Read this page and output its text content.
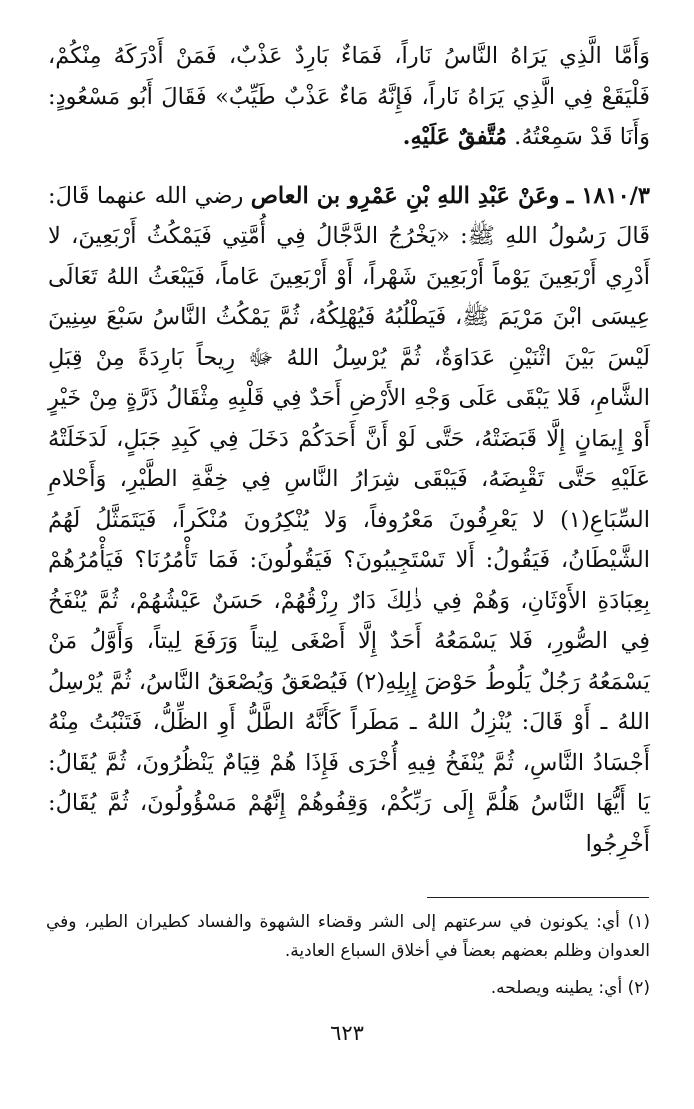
وَأَمَّا الَّذِي يَرَاهُ النَّاسُ نَاراً، فَمَاءٌ بَارِدٌ عَذْبٌ، فَمَنْ أَدْرَكَهُ مِنْكُمْ، فَلْيَقَعْ فِي الَّذِي يَرَاهُ نَاراً، فَإِنَّهُ مَاءٌ عَذْبٌ طَيِّبٌ» فَقَالَ أَبُو مَسْعُودٍ: وَأَنَا قَدْ سَمِعْتُهُ. مُتَّفقٌ عَلَيْهِ.

١٨١٠/٣ ـ وعَنْ عَبْدِ اللهِ بْنِ عَمْرِو بن العاص رضي الله عنهما قَالَ: قَالَ رَسُولُ اللهِ ﷺ: «يَخْرُجُ الدَّجَّالُ فِي أُمَّتِي فَيَمْكُثُ أَرْبَعِينَ، لا أَدْرِي أَرْبَعِينَ يَوْماً أَرْبَعِينَ شَهْراً، أَوْ أَرْبَعِينَ عَاماً، فَيَبْعَثُ اللهُ تَعَالَى عِيسَى ابْنَ مَرْيَمَ ﷺ، فَيَطْلُبُهُ فَيُهْلِكُهُ، ثُمَّ يَمْكُثُ النَّاسُ سَبْعَ سِنِينَ لَيْسَ بَيْنَ اثْنَيْنِ عَدَاوَةٌ، ثُمَّ يُرْسِلُ اللهُ ﷻ رِيحاً بَارِدَةً مِنْ قِبَلِ الشَّامِ، فَلا يَبْقَى عَلَى وَجْهِ الأَرْضِ أَحَدٌ فِي قَلْبِهِ مِثْقَالُ ذَرَّةٍ مِنْ خَيْرٍ أَوْ إِيمَانٍ إِلَّا قَبَضَتْهُ، حَتَّى لَوْ أَنَّ أَحَدَكُمْ دَخَلَ فِي كَبِدِ جَبَلٍ، لَدَخَلَتْهُ عَلَيْهِ حَتَّى تَقْبِضَهُ، فَيَبْقَى شِرَارُ النَّاسِ فِي خِفَّةِ الطَّيْرِ، وَأَحْلامِ السِّبَاعِ(١) لا يَعْرِفُونَ مَعْرُوفاً، وَلا يُنْكِرُونَ مُنْكَراً، فَيَتَمَثَّلُ لَهُمُ الشَّيْطَانُ، فَيَقُولُ: أَلا تَسْتَجِيبُونَ؟ فَيَقُولُونَ: فَمَا تَأْمُرُنَا؟ فَيَأْمُرُهُمْ بِعِبَادَةِ الأَوْثَانِ، وَهُمْ فِي ذٰلِكَ دَارٌ رِزْقُهُمْ، حَسَنٌ عَيْشُهُمْ، ثُمَّ يُنْفَخُ فِي الصُّورِ، فَلا يَسْمَعُهُ أَحَدٌ إِلَّا أَصْغَى لِيتاً وَرَفَعَ لِيتاً، وَأَوَّلُ مَنْ يَسْمَعُهُ رَجُلٌ يَلُوطُ حَوْضَ إِبِلِهِ(٢) فَيُصْعَقُ وَيُصْعَقُ النَّاسُ، ثُمَّ يُرْسِلُ اللهُ ـ أَوْ قَالَ: يُنْزِلُ اللهُ ـ مَطَراً كَأَنَّهُ الطَّلُّ أَوِ الظِّلُّ، فَتَنْبُتُ مِنْهُ أَجْسَادُ النَّاسِ، ثُمَّ يُنْفَخُ فِيهِ أُخْرَى فَإِذَا هُمْ قِيَامٌ يَنْظُرُونَ، ثُمَّ يُقَالُ: يَا أَيُّهَا النَّاسُ هَلُمَّ إِلَى رَبِّكُمْ، وَقِفُوهُمْ إِنَّهُمْ مَسْؤُولُونَ، ثُمَّ يُقَالُ: أَخْرِجُوا

(١) أي: يكونون في سرعتهم إلى الشر وقضاء الشهوة والفساد كطيران الطير، وفي العدوان وظلم بعضهم بعضاً في أخلاق السباع العادية.

(٢) أي: يطينه ويصلحه.

٦٢٣
